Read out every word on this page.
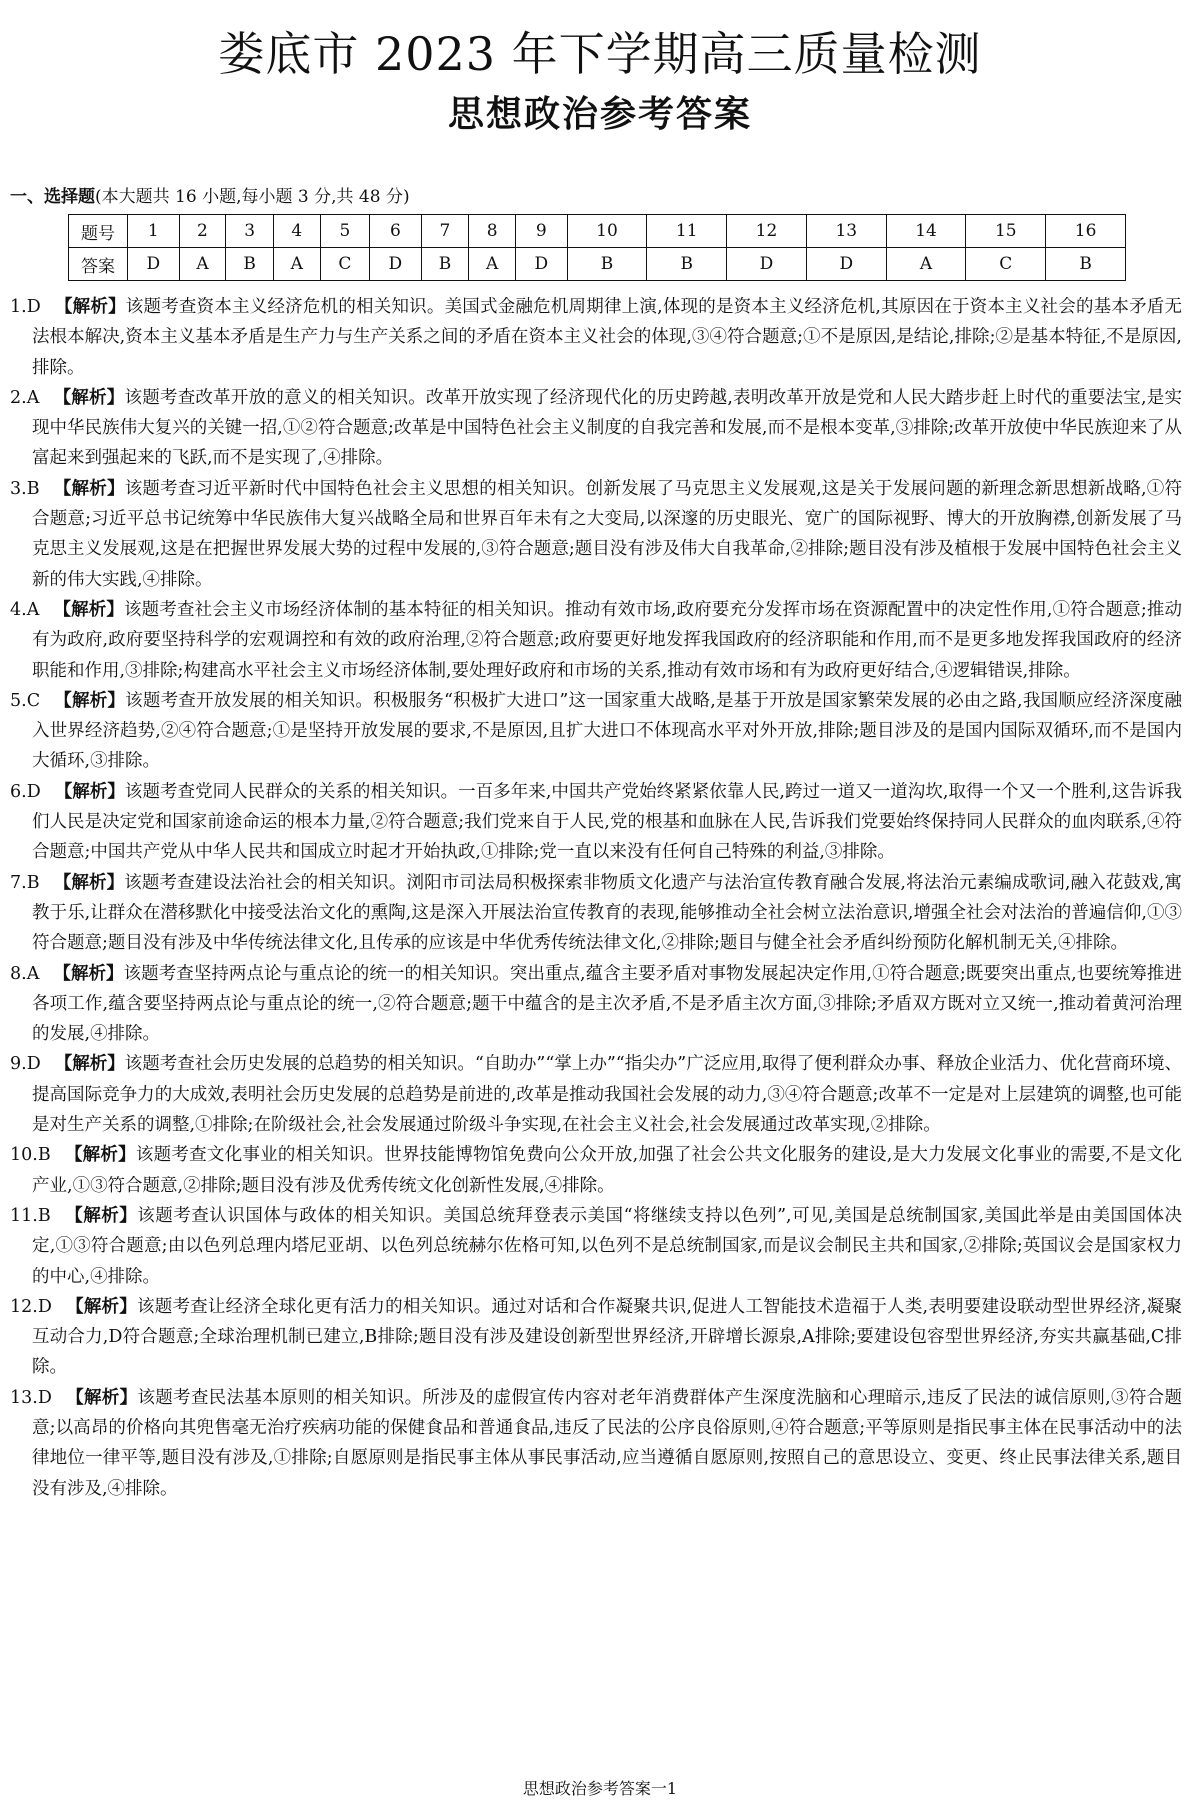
娄底市 2023 年下学期高三质量检测
思想政治参考答案
一、选择题(本大题共 16 小题,每小题 3 分,共 48 分)
题号	1	2	3	4	5	6	7	8	9	10	11	12	13	14	15	16
答案	D	A	B	A	C	D	B	A	D	B	B	D	D	A	C	B

1.D 【解析】该题考查资本主义经济危机的相关知识。美国式金融危机周期律上演,体现的是资本主义经济危机,其原因在于资本主义社会的基本矛盾无法根本解决,资本主义基本矛盾是生产力与生产关系之间的矛盾在资本主义社会的体现,③④符合题意;①不是原因,是结论,排除;②是基本特征,不是原因,排除。

2.A 【解析】该题考查改革开放的意义的相关知识。改革开放实现了经济现代化的历史跨越,表明改革开放是党和人民大踏步赶上时代的重要法宝,是实现中华民族伟大复兴的关键一招,①②符合题意;改革是中国特色社会主义制度的自我完善和发展,而不是根本变革,③排除;改革开放使中华民族迎来了从富起来到强起来的飞跃,而不是实现了,④排除。

3.B 【解析】该题考查习近平新时代中国特色社会主义思想的相关知识。创新发展了马克思主义发展观,这是关于发展问题的新理念新思想新战略,①符合题意;习近平总书记统筹中华民族伟大复兴战略全局和世界百年未有之大变局,以深邃的历史眼光、宽广的国际视野、博大的开放胸襟,创新发展了马克思主义发展观,这是在把握世界发展大势的过程中发展的,③符合题意;题目没有涉及伟大自我革命,②排除;题目没有涉及植根于发展中国特色社会主义新的伟大实践,④排除。

4.A 【解析】该题考查社会主义市场经济体制的基本特征的相关知识。推动有效市场,政府要充分发挥市场在资源配置中的决定性作用,①符合题意;推动有为政府,政府要坚持科学的宏观调控和有效的政府治理,②符合题意;政府要更好地发挥我国政府的经济职能和作用,而不是更多地发挥我国政府的经济职能和作用,③排除;构建高水平社会主义市场经济体制,要处理好政府和市场的关系,推动有效市场和有为政府更好结合,④逻辑错误,排除。

5.C 【解析】该题考查开放发展的相关知识。积极服务“积极扩大进口”这一国家重大战略,是基于开放是国家繁荣发展的必由之路,我国顺应经济深度融入世界经济趋势,②④符合题意;①是坚持开放发展的要求,不是原因,且扩大进口不体现高水平对外开放,排除;题目涉及的是国内国际双循环,而不是国内大循环,③排除。

6.D 【解析】该题考查党同人民群众的关系的相关知识。一百多年来,中国共产党始终紧紧依靠人民,跨过一道又一道沟坎,取得一个又一个胜利,这告诉我们人民是决定党和国家前途命运的根本力量,②符合题意;我们党来自于人民,党的根基和血脉在人民,告诉我们党要始终保持同人民群众的血肉联系,④符合题意;中国共产党从中华人民共和国成立时起才开始执政,①排除;党一直以来没有任何自己特殊的利益,③排除。

7.B 【解析】该题考查建设法治社会的相关知识。浏阳市司法局积极探索非物质文化遗产与法治宣传教育融合发展,将法治元素编成歌词,融入花鼓戏,寓教于乐,让群众在潜移默化中接受法治文化的熏陶,这是深入开展法治宣传教育的表现,能够推动全社会树立法治意识,增强全社会对法治的普遍信仰,①③符合题意;题目没有涉及中华传统法律文化,且传承的应该是中华优秀传统法律文化,②排除;题目与健全社会矛盾纠纷预防化解机制无关,④排除。

8.A 【解析】该题考查坚持两点论与重点论的统一的相关知识。突出重点,蕴含主要矛盾对事物发展起决定作用,①符合题意;既要突出重点,也要统筹推进各项工作,蕴含要坚持两点论与重点论的统一,②符合题意;题干中蕴含的是主次矛盾,不是矛盾主次方面,③排除;矛盾双方既对立又统一,推动着黄河治理的发展,④排除。

9.D 【解析】该题考查社会历史发展的总趋势的相关知识。“自助办”“掌上办”“指尖办”广泛应用,取得了便利群众办事、释放企业活力、优化营商环境、提高国际竞争力的大成效,表明社会历史发展的总趋势是前进的,改革是推动我国社会发展的动力,③④符合题意;改革不一定是对上层建筑的调整,也可能是对生产关系的调整,①排除;在阶级社会,社会发展通过阶级斗争实现,在社会主义社会,社会发展通过改革实现,②排除。

10.B 【解析】该题考查文化事业的相关知识。世界技能博物馆免费向公众开放,加强了社会公共文化服务的建设,是大力发展文化事业的需要,不是文化产业,①③符合题意,②排除;题目没有涉及优秀传统文化创新性发展,④排除。

11.B 【解析】该题考查认识国体与政体的相关知识。美国总统拜登表示美国“将继续支持以色列”,可见,美国是总统制国家,美国此举是由美国国体决定,①③符合题意;由以色列总理内塔尼亚胡、以色列总统赫尔佐格可知,以色列不是总统制国家,而是议会制民主共和国家,②排除;英国议会是国家权力的中心,④排除。

12.D 【解析】该题考查让经济全球化更有活力的相关知识。通过对话和合作凝聚共识,促进人工智能技术造福于人类,表明要建设联动型世界经济,凝聚互动合力,D符合题意;全球治理机制已建立,B排除;题目没有涉及建设创新型世界经济,开辟增长源泉,A排除;要建设包容型世界经济,夯实共赢基础,C排除。

13.D 【解析】该题考查民法基本原则的相关知识。所涉及的虚假宣传内容对老年消费群体产生深度洗脑和心理暗示,违反了民法的诚信原则,③符合题意;以高昂的价格向其兜售毫无治疗疾病功能的保健食品和普通食品,违反了民法的公序良俗原则,④符合题意;平等原则是指民事主体在民事活动中的法律地位一律平等,题目没有涉及,①排除;自愿原则是指民事主体从事民事活动,应当遵循自愿原则,按照自己的意思设立、变更、终止民事法律关系,题目没有涉及,④排除。

思想政治参考答案一1
